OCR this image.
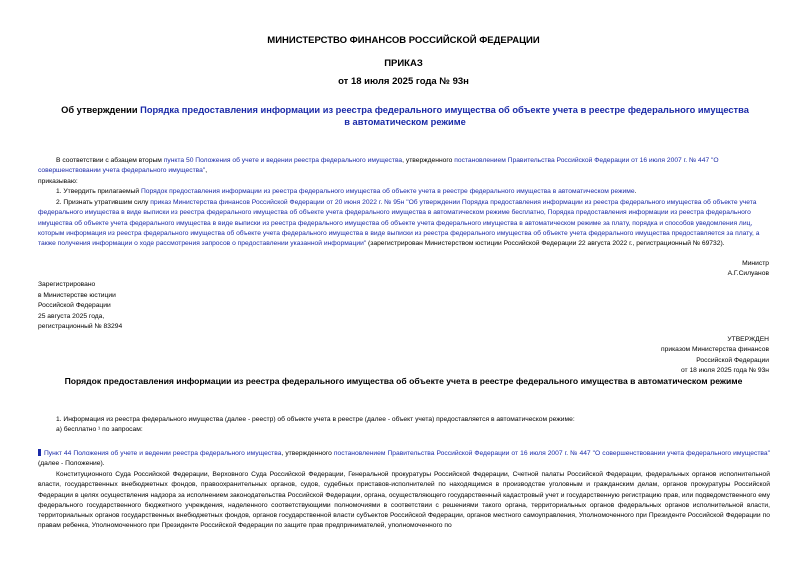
МИНИСТЕРСТВО ФИНАНСОВ РОССИЙСКОЙ ФЕДЕРАЦИИ
ПРИКАЗ
от 18 июля 2025 года № 93н
Об утверждении Порядка предоставления информации из реестра федерального имущества об объекте учета в реестре федерального имущества в автоматическом режиме
В соответствии с абзацем вторым пункта 50 Положения об учете и ведении реестра федерального имущества, утвержденного постановлением Правительства Российской Федерации от 16 июля 2007 г. № 447 "О совершенствовании учета федерального имущества",
приказываю:
1. Утвердить прилагаемый Порядок предоставления информации из реестра федерального имущества об объекте учета в реестре федерального имущества в автоматическом режиме.
2. Признать утратившим силу приказ Министерства финансов Российской Федерации от 20 июня 2022 г. № 95н "Об утверждении Порядка предоставления информации из реестра федерального имущества об объекте учета федерального имущества в виде выписки из реестра федерального имущества об объекте учета федерального имущества в автоматическом режиме бесплатно, Порядка предоставления информации из реестра федерального имущества об объекте учета федерального имущества в виде выписки из реестра федерального имущества об объекте учета федерального имущества в автоматическом режиме за плату, порядка и способов уведомления лиц, которым информация из реестра федерального имущества об объекте учета федерального имущества в виде выписки из реестра федерального имущества об объекте учета федерального имущества предоставляется за плату, а также получения информации о ходе рассмотрения запросов о предоставлении указанной информации" (зарегистрирован Министерством юстиции Российской Федерации 22 августа 2022 г., регистрационный № 69732).
Министр
А.Г.Силуанов
Зарегистрировано
в Министерстве юстиции
Российской Федерации
25 августа 2025 года,
регистрационный № 83294
УТВЕРЖДЕН
приказом Министерства финансов
Российской Федерации
от 18 июля 2025 года № 93н
Порядок предоставления информации из реестра федерального имущества об объекте учета в реестре федерального имущества в автоматическом режиме
1. Информация из реестра федерального имущества (далее - реестр) об объекте учета в реестре (далее - объект учета) предоставляется в автоматическом режиме:
а) бесплатно ¹ по запросам:
Пункт 44 Положения об учете и ведении реестра федерального имущества, утвержденного постановлением Правительства Российской Федерации от 16 июля 2007 г. № 447 "О совершенствовании учета федерального имущества" (далее - Положение).
Конституционного Суда Российской Федерации, Верховного Суда Российской Федерации, Генеральной прокуратуры Российской Федерации, Счетной палаты Российской Федерации, федеральных органов исполнительной власти, государственных внебюджетных фондов, правоохранительных органов, судов, судебных приставов-исполнителей по находящимся в производстве уголовным и гражданским делам, органов прокуратуры Российской Федерации в целях осуществления надзора за исполнением законодательства Российской Федерации, органа, осуществляющего государственный кадастровый учет и государственную регистрацию прав, или подведомственного ему федерального государственного бюджетного учреждения, наделенного соответствующими полномочиями в соответствии с решениями такого органа, территориальных органов федеральных органов исполнительной власти, территориальных органов государственных внебюджетных фондов, органов государственной власти субъектов Российской Федерации, органов местного самоуправления, Уполномоченного при Президенте Российской Федерации по правам ребенка, Уполномоченного при Президенте Российской Федерации по защите прав предпринимателей, уполномоченного по
